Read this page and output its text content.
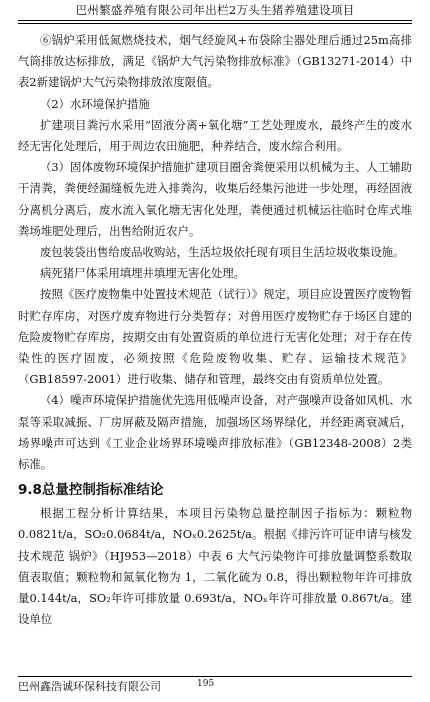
巴州繁盛养殖有限公司年出栏2万头生猪养殖建设项目

⑥锅炉采用低氮燃烧技术，烟气经旋风+布袋除尘器处理后通过25m高排气筒排放达标排放，满足《锅炉大气污染物排放标准》（GB13271-2014）中表2新建锅炉大气污染物排放浓度限值。

（2）水环境保护措施

扩建项目粪污水采用“固液分离+氧化塘”工艺处理废水，最终产生的废水经无害化处理后，用于周边农田施肥，种养结合，废水综合利用。

（3）固体废物环境保护措施扩建项目圈舍粪便采用以机械为主、人工辅助干清粪，粪便经漏缝板先进入排粪沟，收集后经集污池进一步处理，再经固液分离机分离后，废水流入氧化塘无害化处理，粪便通过机械运往临时仓库式堆粪场堆肥处理后，出售给附近农户。

废包装袋出售给废品收购站，生活垃圾依托现有项目生活垃圾收集设施。

病死猪尸体采用填埋井填埋无害化处理。

按照《医疗废物集中处置技术规范（试行）》规定，项目应设置医疗废物暂时贮存库房，对医疗废弃物进行分类暂存；对兽用医疗废物贮存于场区自建的危险废物贮存库房，按期交由有处置资质的单位进行无害化处理；对于存在传染性的医疗固废，必须按照《危险废物收集、贮存、运输技术规范》（GB18597-2001）进行收集、储存和管理，最终交由有资质单位处置。

（4）噪声环境保护措施优先选用低噪声设备，对产强噪声设备如风机、水泵等采取减振、厂房屏蔽及隔声措施，加强场区场界绿化，并经距离衰减后，场界噪声可达到《工业企业场界环境噪声排放标准》（GB12348-2008）2类标准。

9.8总量控制指标准结论

根据工程分析计算结果，本项目污染物总量控制因子指标为：颗粒物0.0821t/a，SO₂0.0684t/a，NOₓ0.2625t/a。根据《排污许可证申请与核发技术规范 锅炉》（HJ953—2018）中表 6 大气污染物许可排放量调整系数取值表取值；颗粒物和氮氧化物为 1，二氧化硫为 0.8，得出颗粒物年许可排放量0.144t/a，SO₂年许可排放量 0.693t/a，NOₓ年许可排放量 0.867t/a。建设单位

巴州鑫浩诚环保科技有限公司	195
